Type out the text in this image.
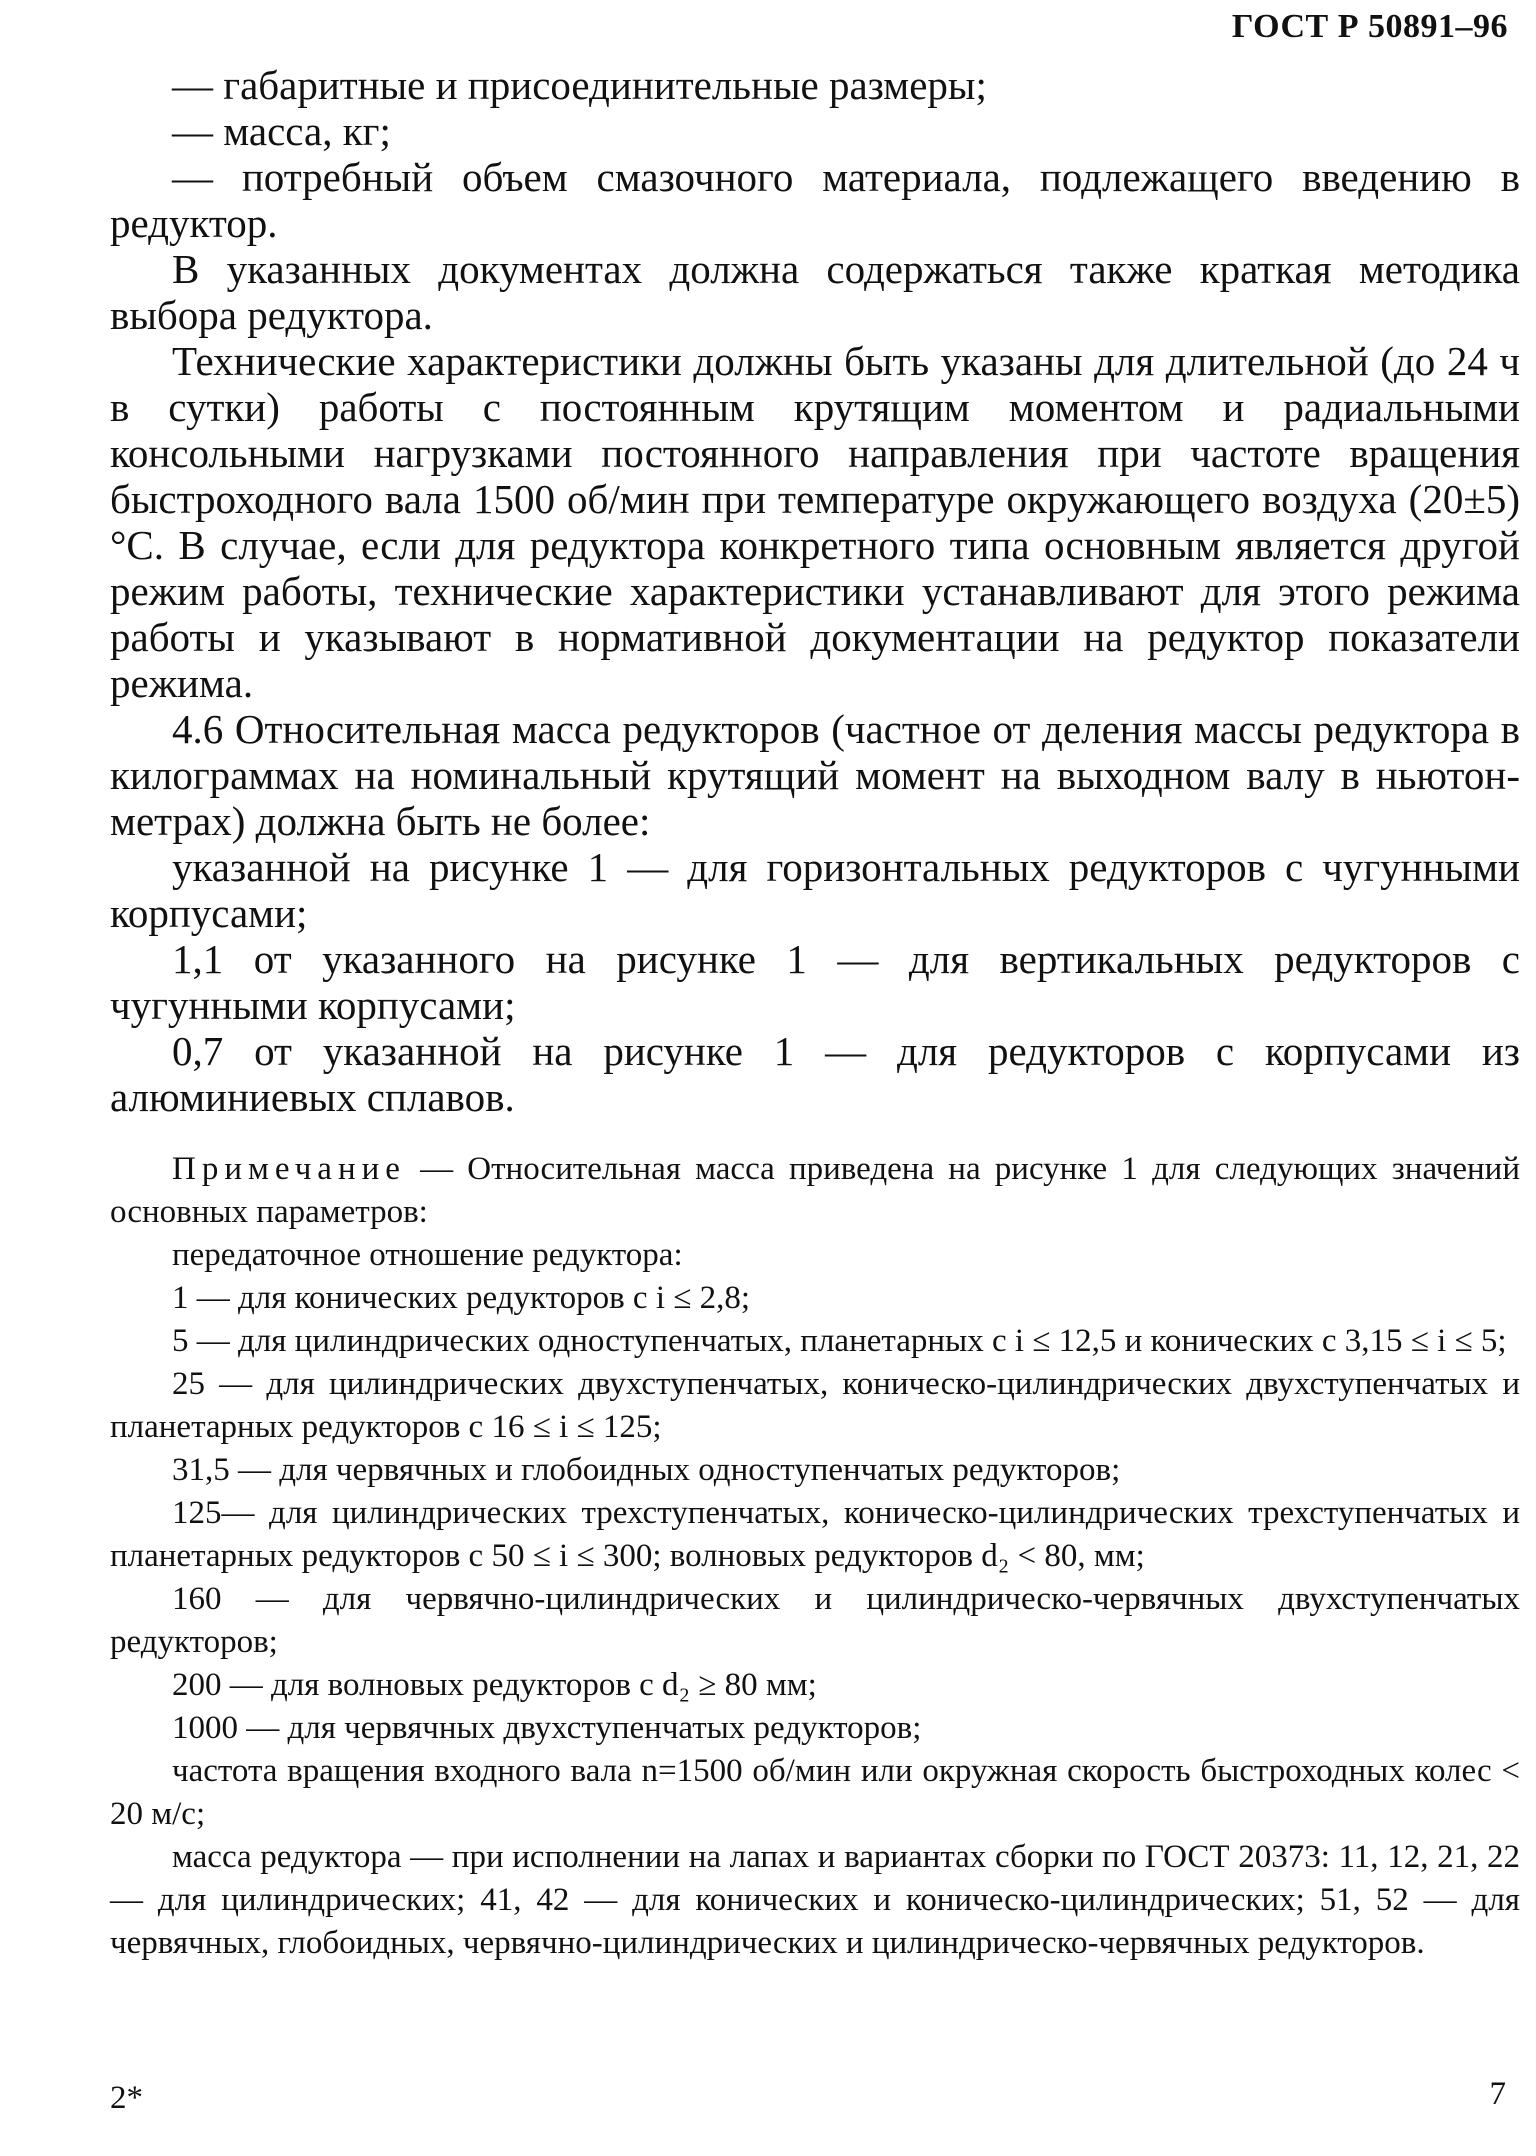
ГОСТ Р 50891–96

— габаритные и присоединительные размеры;

— масса, кг;

— потребный объем смазочного материала, подлежащего введению в редуктор.

В указанных документах должна содержаться также краткая методика выбора редуктора.

Технические характеристики должны быть указаны для длительной (до 24 ч в сутки) работы с постоянным крутящим моментом и радиальными консольными нагрузками постоянного направления при частоте вращения быстроходного вала 1500 об/мин при температуре окружающего воздуха (20±5) °С. В случае, если для редуктора конкретного типа основным является другой режим работы, технические характеристики устанавливают для этого режима работы и указывают в нормативной документации на редуктор показатели режима.

4.6 Относительная масса редукторов (частное от деления массы редуктора в килограммах на номинальный крутящий момент на выходном валу в ньютон-метрах) должна быть не более:

указанной на рисунке 1 — для горизонтальных редукторов с чугунными корпусами;

1,1 от указанного на рисунке 1 — для вертикальных редукторов с чугунными корпусами;

0,7 от указанной на рисунке 1 — для редукторов с корпусами из алюминиевых сплавов.

Примечание — Относительная масса приведена на рисунке 1 для следующих значений основных параметров:

передаточное отношение редуктора:

1 — для конических редукторов с i ≤ 2,8;

5 — для цилиндрических одноступенчатых, планетарных с i ≤ 12,5 и конических с 3,15 ≤ i ≤ 5;

25 — для цилиндрических двухступенчатых, коническо-цилиндрических двухступенчатых и планетарных редукторов с 16 ≤ i ≤ 125;

31,5 — для червячных и глобоидных одноступенчатых редукторов;

125— для цилиндрических трехступенчатых, коническо-цилиндрических трехступенчатых и планетарных редукторов с 50 ≤ i ≤ 300; волновых редукторов d₂ < 80, мм;

160 — для червячно-цилиндрических и цилиндрическо-червячных двухступенчатых редукторов;

200 — для волновых редукторов с d₂ ≥ 80 мм;

1000 — для червячных двухступенчатых редукторов;

частота вращения входного вала n=1500 об/мин или окружная скорость быстроходных колес < 20 м/с;

масса редуктора — при исполнении на лапах и вариантах сборки по ГОСТ 20373: 11, 12, 21, 22 — для цилиндрических; 41, 42 — для конических и коническо-цилиндрических; 51, 52 — для червячных, глобоидных, червячно-цилиндрических и цилиндрическо-червячных редукторов.

2*	7
